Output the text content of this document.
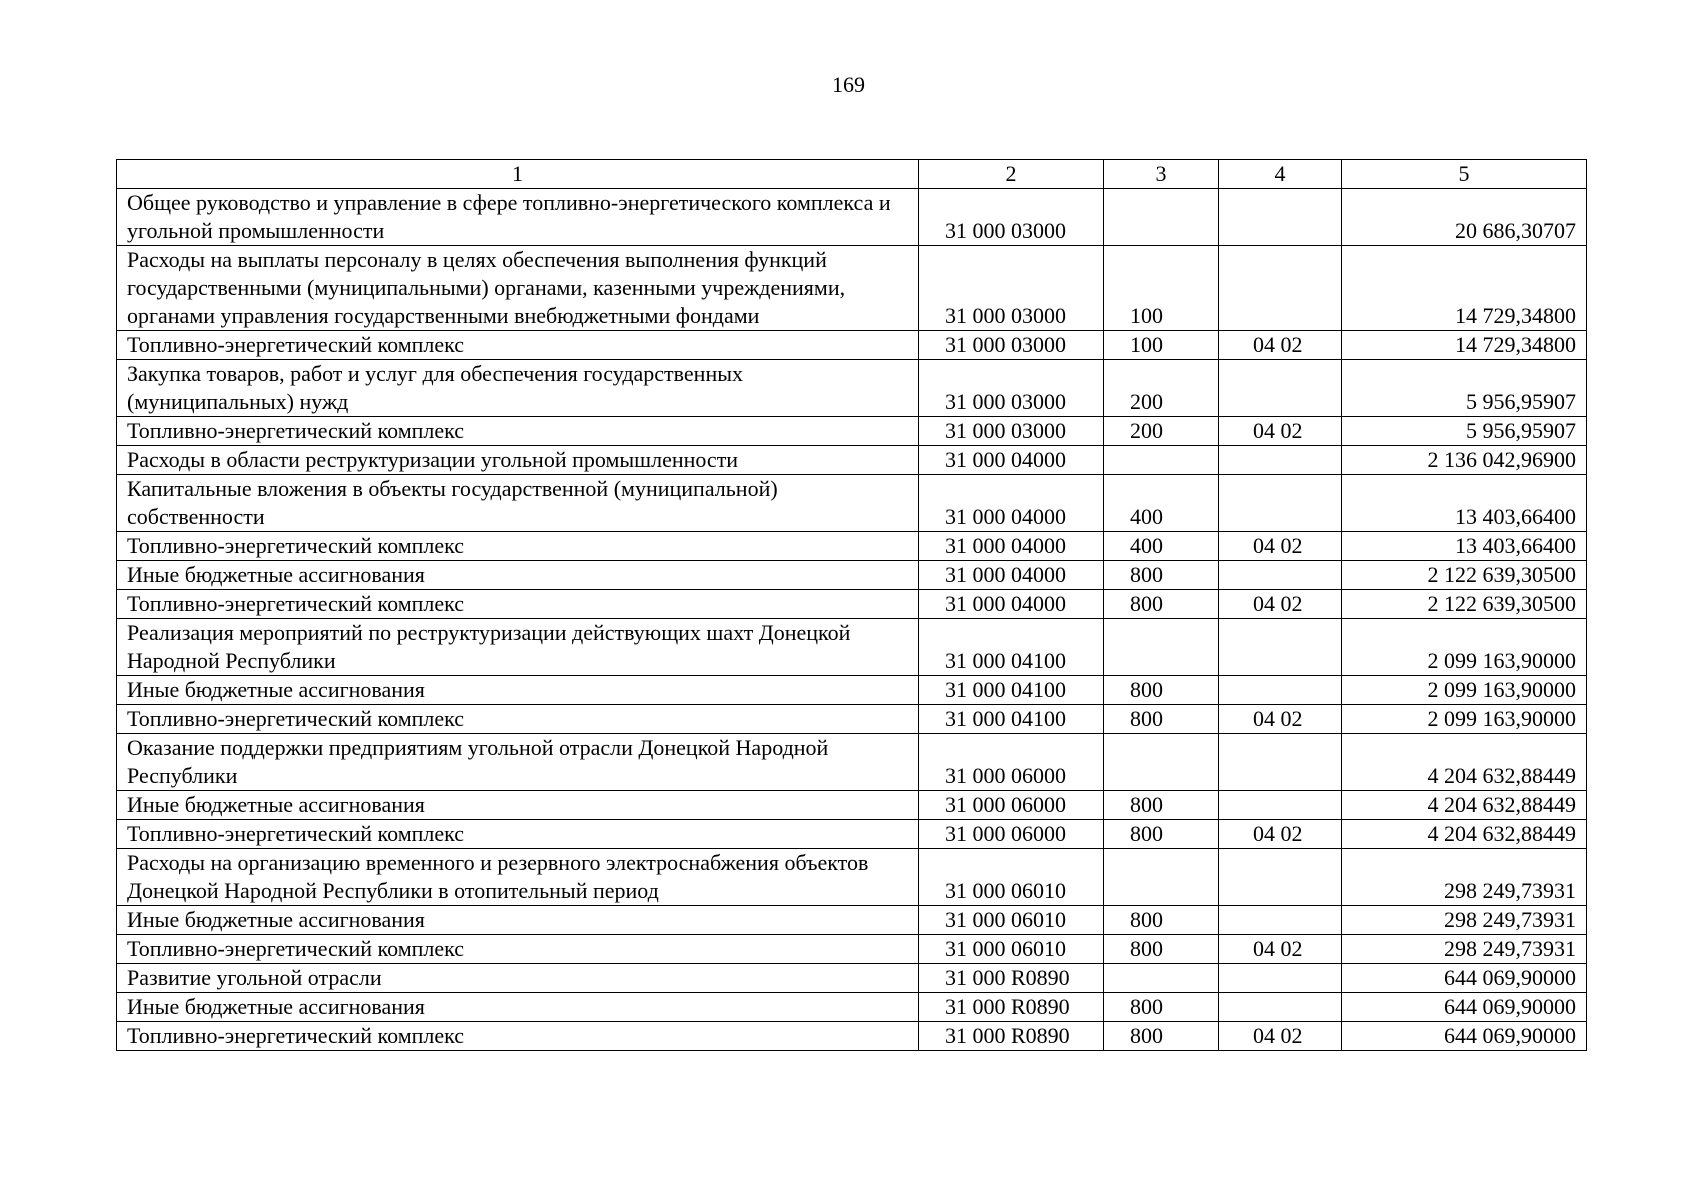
169
1	2	3	4	5
Общее руководство и управление в сфере топливно-энергетического комплекса и угольной промышленности	31 000 03000			20 686,30707
Расходы на выплаты персоналу в целях обеспечения выполнения функций государственными (муниципальными) органами, казенными учреждениями, органами управления государственными внебюджетными фондами	31 000 03000	100		14 729,34800
Топливно-энергетический комплекс	31 000 03000	100	04 02	14 729,34800
Закупка товаров, работ и услуг для обеспечения государственных (муниципальных) нужд	31 000 03000	200		5 956,95907
Топливно-энергетический комплекс	31 000 03000	200	04 02	5 956,95907
Расходы в области реструктуризации угольной промышленности	31 000 04000			2 136 042,96900
Капитальные вложения в объекты государственной (муниципальной) собственности	31 000 04000	400		13 403,66400
Топливно-энергетический комплекс	31 000 04000	400	04 02	13 403,66400
Иные бюджетные ассигнования	31 000 04000	800		2 122 639,30500
Топливно-энергетический комплекс	31 000 04000	800	04 02	2 122 639,30500
Реализация мероприятий по реструктуризации действующих шахт Донецкой Народной Республики	31 000 04100			2 099 163,90000
Иные бюджетные ассигнования	31 000 04100	800		2 099 163,90000
Топливно-энергетический комплекс	31 000 04100	800	04 02	2 099 163,90000
Оказание поддержки предприятиям угольной отрасли Донецкой Народной Республики	31 000 06000			4 204 632,88449
Иные бюджетные ассигнования	31 000 06000	800		4 204 632,88449
Топливно-энергетический комплекс	31 000 06000	800	04 02	4 204 632,88449
Расходы на организацию временного и резервного электроснабжения объектов Донецкой Народной Республики в отопительный период	31 000 06010			298 249,73931
Иные бюджетные ассигнования	31 000 06010	800		298 249,73931
Топливно-энергетический комплекс	31 000 06010	800	04 02	298 249,73931
Развитие угольной отрасли	31 000 R0890			644 069,90000
Иные бюджетные ассигнования	31 000 R0890	800		644 069,90000
Топливно-энергетический комплекс	31 000 R0890	800	04 02	644 069,90000
